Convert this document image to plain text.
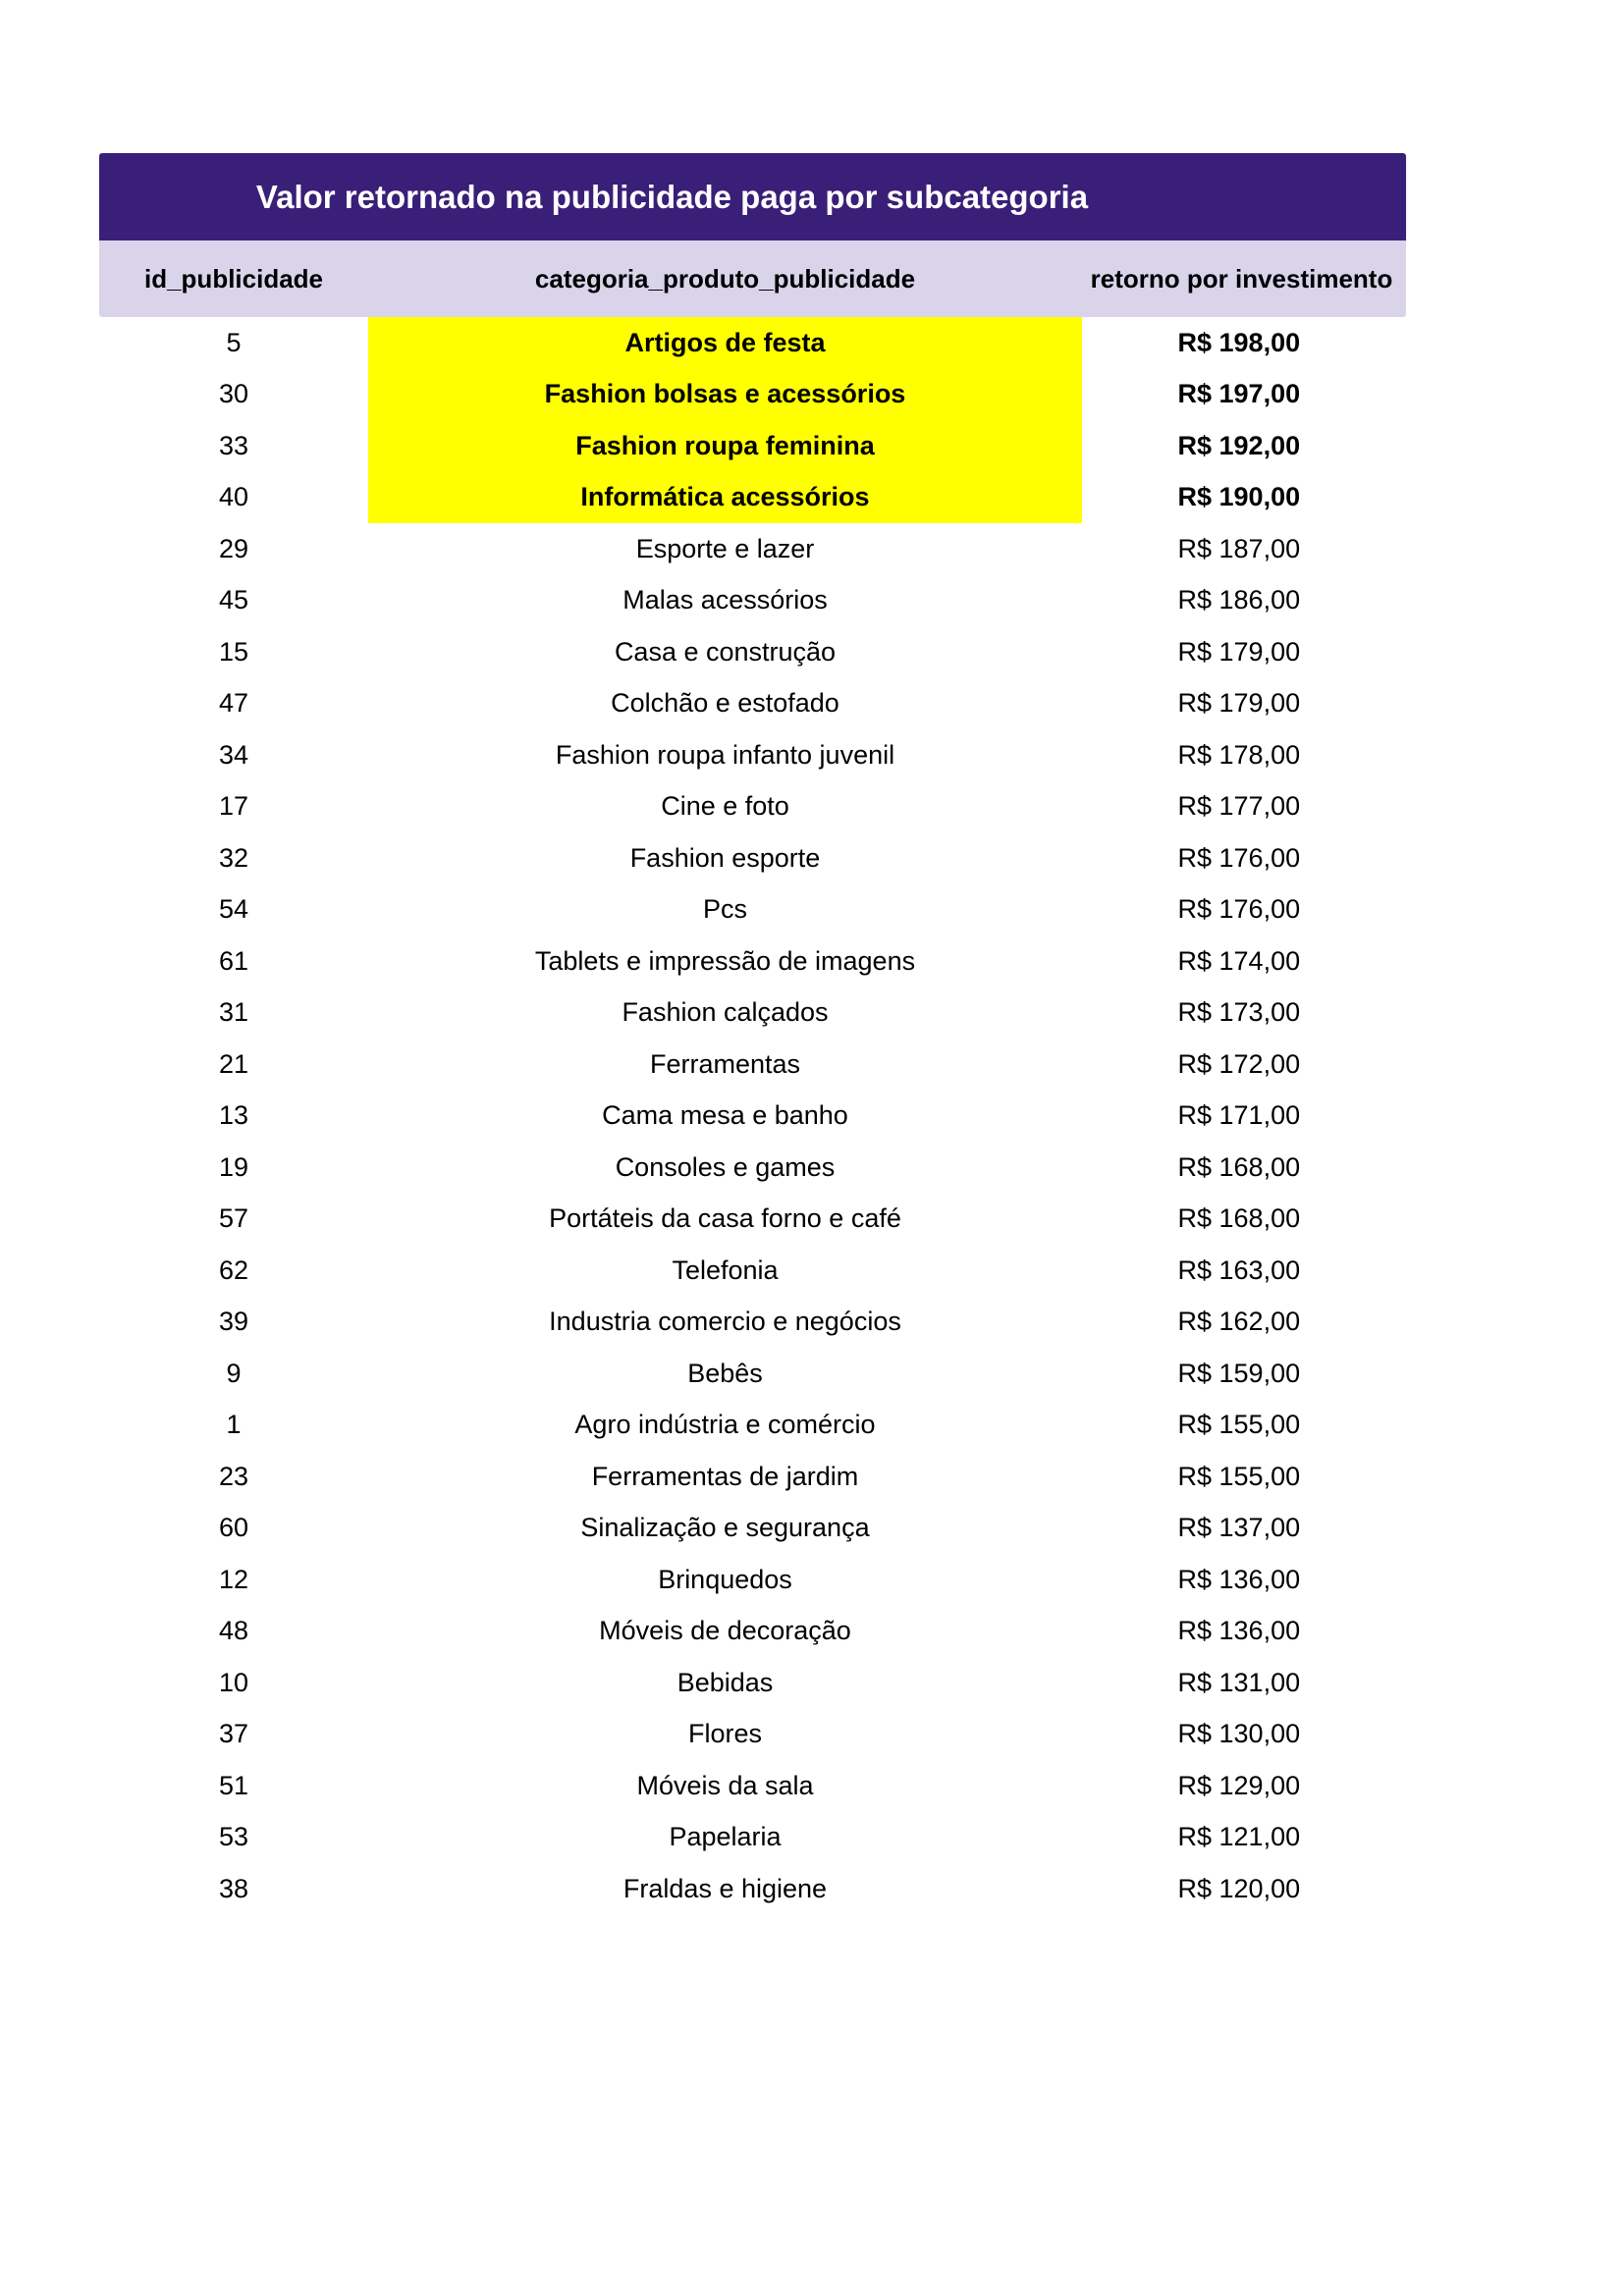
Valor retornado na publicidade paga por subcategoria
id_publicidade	categoria_produto_publicidade	retorno por investimento
5	Artigos de festa	R$ 198,00
30	Fashion bolsas e acessórios	R$ 197,00
33	Fashion roupa feminina	R$ 192,00
40	Informática acessórios	R$ 190,00
29	Esporte e lazer	R$ 187,00
45	Malas acessórios	R$ 186,00
15	Casa e construção	R$ 179,00
47	Colchão e estofado	R$ 179,00
34	Fashion roupa infanto juvenil	R$ 178,00
17	Cine e foto	R$ 177,00
32	Fashion esporte	R$ 176,00
54	Pcs	R$ 176,00
61	Tablets e impressão de imagens	R$ 174,00
31	Fashion calçados	R$ 173,00
21	Ferramentas	R$ 172,00
13	Cama mesa e banho	R$ 171,00
19	Consoles e games	R$ 168,00
57	Portáteis da casa forno e café	R$ 168,00
62	Telefonia	R$ 163,00
39	Industria comercio e negócios	R$ 162,00
9	Bebês	R$ 159,00
1	Agro indústria e comércio	R$ 155,00
23	Ferramentas de jardim	R$ 155,00
60	Sinalização e segurança	R$ 137,00
12	Brinquedos	R$ 136,00
48	Móveis de decoração	R$ 136,00
10	Bebidas	R$ 131,00
37	Flores	R$ 130,00
51	Móveis da sala	R$ 129,00
53	Papelaria	R$ 121,00
38	Fraldas e higiene	R$ 120,00
